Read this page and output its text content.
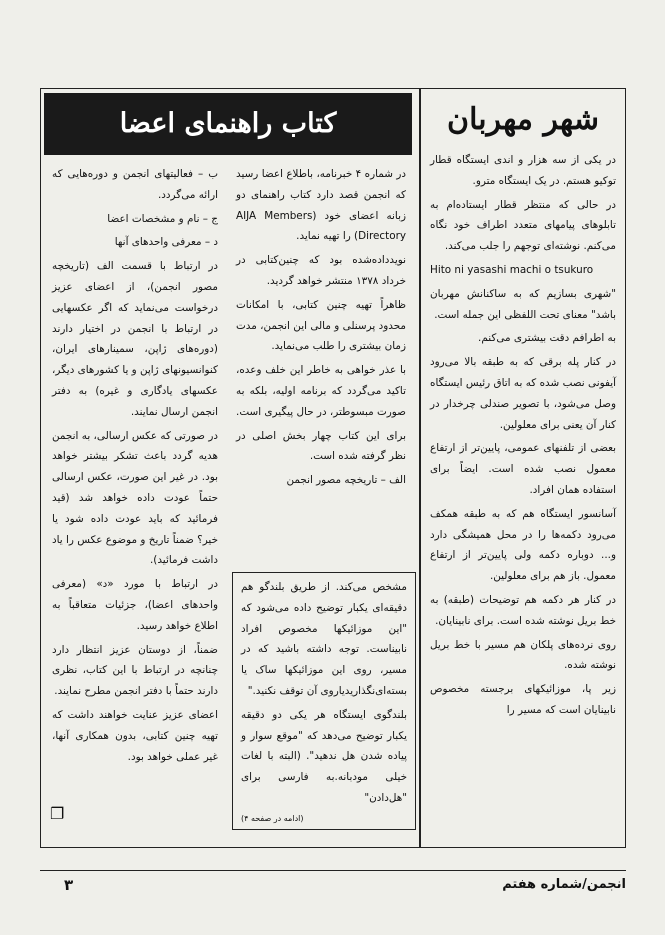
شهر مهربان

در یکی از سه هزار و اندی ایستگاه قطار توکیو هستم. در یک ایستگاه مترو.

در حالی که منتظر قطار ایستاده‌ام به تابلوهای پیامهای متعدد اطراف خود نگاه می‌کنم. نوشته‌ای توجهم را جلب می‌کند.

Hito ni yasashi machi o tsukuro

"شهری بسازیم که به ساکنانش مهربان باشد" معنای تحت اللفظی این جمله است.

به اطرافم دقت بیشتری می‌کنم.

در کنار پله برقی که به طبقه بالا می‌رود آیفونی نصب شده که به اتاق رئیس ایستگاه وصل می‌شود، با تصویر صندلی چرخدار در کنار آن یعنی برای معلولین.

بعضی از تلفنهای عمومی، پایین‌تر از ارتفاع معمول نصب شده است. ایضاً برای استفاده همان افراد.

آسانسور ایستگاه هم که به طبقه همکف می‌رود دکمه‌ها را در محل همیشگی دارد و... دوباره دکمه ولی پایین‌تر از ارتفاع معمول. باز هم برای معلولین.

در کنار هر دکمه هم توضیحات (طبقه) به خط بریل نوشته شده است. برای نابینایان.

روی نرده‌های پلکان هم مسیر با خط بریل نوشته شده.

زیر پا، موزائیکهای برجسته مخصوص نابینایان است که مسیر را

کتاب راهنمای اعضا

در شماره ۴ خبرنامه، باطلاع اعضا رسید که انجمن قصد دارد کتاب راهنمای دو زبانه اعضای خود (AIJA Members Directory) را تهیه نماید.

نویدداده‌شده بود که چنین‌کتابی در خرداد ۱۳۷۸ منتشر خواهد گردید.

ظاهراً تهیه چنین کتابی، با امکانات محدود پرسنلی و مالی این انجمن، مدت زمان بیشتری را طلب می‌نماید.

با عذر خواهی به خاطر این خلف وعده، تاکید می‌گردد که برنامه اولیه، بلکه به صورت مبسوطتر، در حال پیگیری است.

برای این کتاب چهار بخش اصلی در نظر گرفته شده است.

الف – تاریخچه مصور انجمن

ب – فعالیتهای انجمن و دوره‌هایی که ارائه می‌گردد.

ج – نام و مشخصات اعضا

د – معرفی واحدهای آنها

در ارتباط با قسمت الف (تاریخچه مصور انجمن)، از اعضای عزیز درخواست می‌نماید که اگر عکسهایی در ارتباط با انجمن در اختیار دارند (دوره‌های ژاپن، سمینارهای ایران، کنوانسیونهای ژاپن و یا کشورهای دیگر، عکسهای یادگاری و غیره) به دفتر انجمن ارسال نمایند.

در صورتی که عکس ارسالی، به انجمن هدیه گردد باعث تشکر بیشتر خواهد بود. در غیر این صورت، عکس ارسالی حتماً عودت داده خواهد شد (قید فرمائید که باید عودت داده شود یا خیر؟ ضمناً تاریخ و موضوع عکس را یاد داشت فرمائید).

در ارتباط با مورد «د» (معرفی واحدهای اعضا)، جزئیات متعاقباً به اطلاع خواهد رسید.

ضمناً، از دوستان عزیز انتظار دارد چنانچه در ارتباط با این کتاب، نظری دارند حتماً با دفتر انجمن مطرح نمایند.

اعضای عزیز عنایت خواهند داشت که تهیه چنین کتابی، بدون همکاری آنها، غیر عملی خواهد بود.

❐

مشخص می‌کند. از طریق بلندگو هم دقیقه‌ای یکبار توضیح داده می‌شود که "این موزائیکها مخصوص افراد نابیناست. توجه داشته باشید که در مسیر، روی این موزائیکها ساک یا بسته‌ای‌نگذارید‌یاروی آن توقف نکنید."

بلندگوی ایستگاه هر یکی دو دقیقه یکبار توضیح می‌دهد که "موقع سوار و پیاده شدن هل ندهید". (البته با لغات خیلی مودبانه.به فارسی برای "هل‌دادن"

(ادامه در صفحه ۴)

انجمن/شماره هفتم
۳
